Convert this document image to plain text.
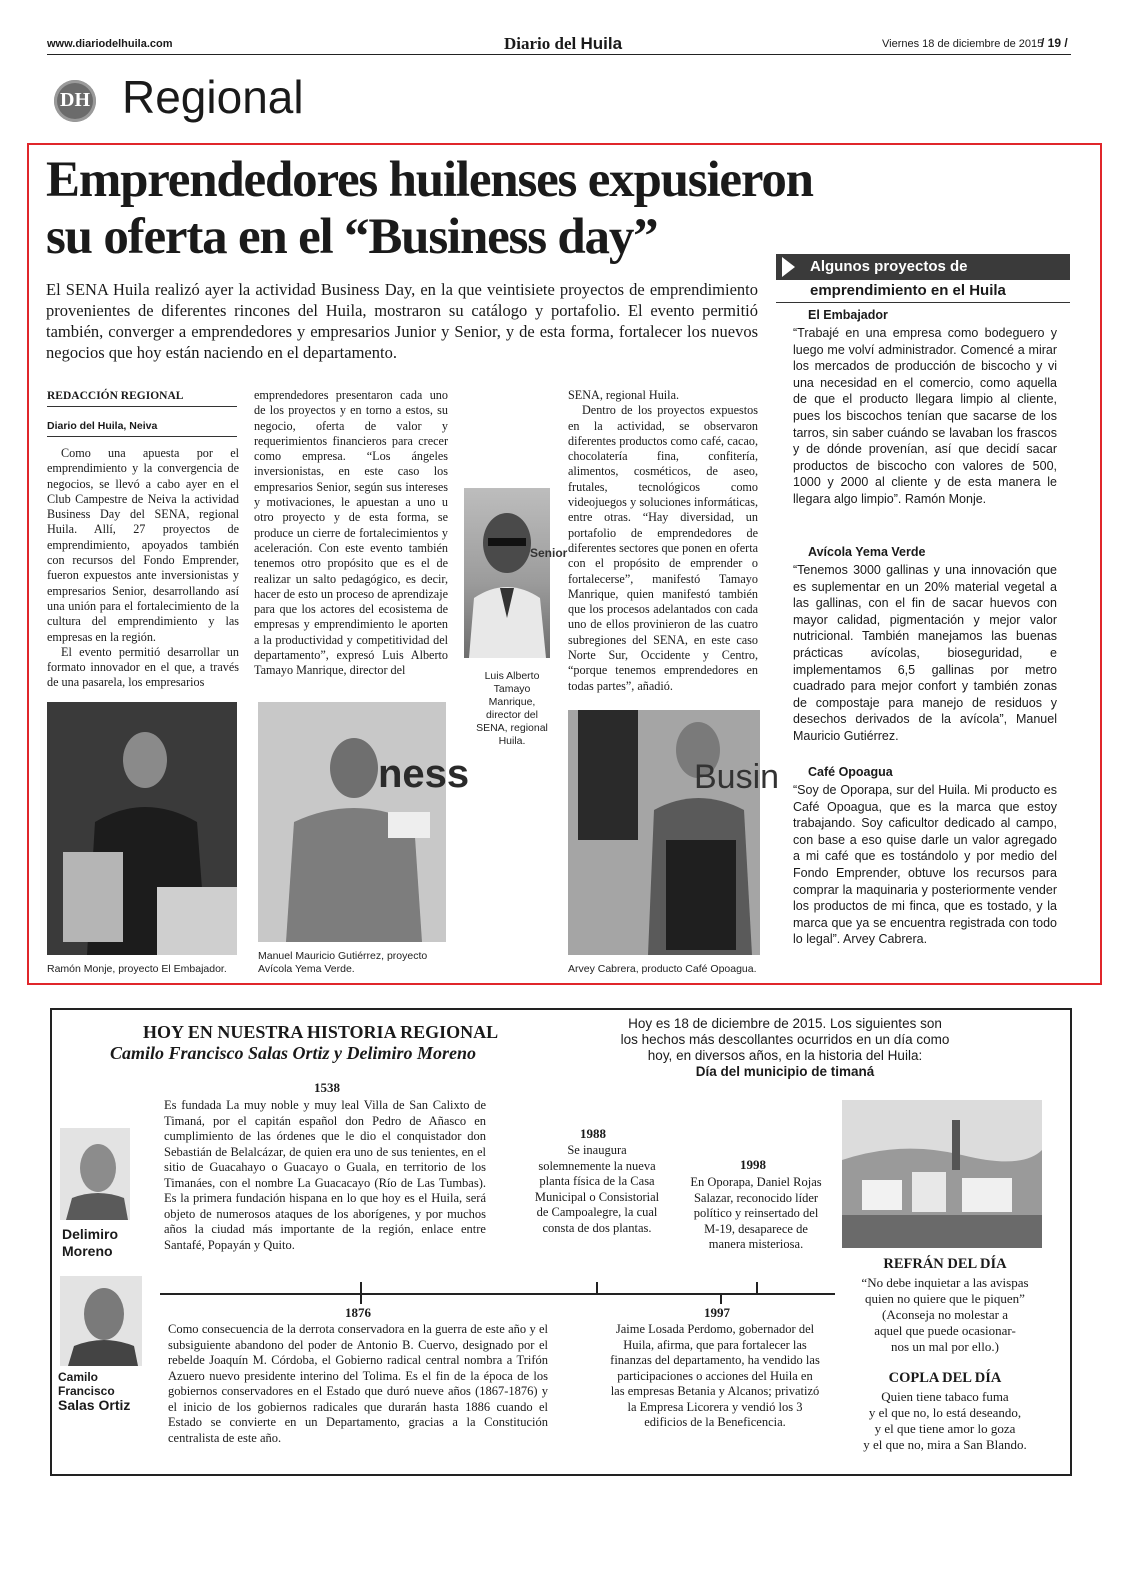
www.diariodelhuila.com	Diario del Huila	Viernes 18 de diciembre de 2015
/ 19 /
DH Regional
Emprendedores huilenses expusieron
su oferta en el “Business day”

El SENA Huila realizó ayer la actividad Business Day, en la que veintisiete proyectos de emprendimiento provenientes de diferentes rincones del Huila, mostraron su catálogo y portafolio. El evento permitió también, converger a emprendedores y empresarios Junior y Senior, y de esta forma, fortalecer los nuevos negocios que hoy están naciendo en el departamento.

REDACCIÓN REGIONAL
Diario del Huila, Neiva

Como una apuesta por el emprendimiento y la convergencia de negocios, se llevó a cabo ayer en el Club Campestre de Neiva la actividad Business Day del SENA, regional Huila. Allí, 27 proyectos de emprendimiento, apoyados también con recursos del Fondo Emprender, fueron expuestos ante inversionistas y empresarios Senior, desarrollando así una unión para el fortalecimiento de la cultura del emprendimiento y las empresas en la región.

El evento permitió desarrollar un formato innovador en el que, a través de una pasarela, los empresarios

emprendedores presentaron cada uno de los proyectos y en torno a estos, su negocio, oferta de valor y requerimientos financieros para crecer como empresa. “Los ángeles inversionistas, en este caso los empresarios Senior, según sus intereses y motivaciones, le apuestan a uno u otro proyecto y de esta forma, se produce un cierre de fortalecimientos y aceleración. Con este evento también tenemos otro propósito que es el de realizar un salto pedagógico, es decir, hacer de esto un proceso de aprendizaje para que los actores del ecosistema de empresas y emprendimiento le aporten a la productividad y competitividad del departamento”, expresó Luis Alberto Tamayo Manrique, director del

Senior
Luis Alberto Tamayo Manrique, director del SENA, regional Huila.

SENA, regional Huila.

Dentro de los proyectos expuestos en la actividad, se observaron diferentes productos como café, cacao, chocolatería fina, confitería, alimentos, cosméticos, de aseo, frutales, tecnológicos como videojuegos y soluciones informáticas, entre otras. “Hay diversidad, un portafolio de emprendedores de diferentes sectores que ponen en oferta con el propósito de emprender o fortalecerse”, manifestó Tamayo Manrique, quien manifestó también que los procesos adelantados con cada uno de ellos provinieron de las cuatro subregiones del SENA, en este caso Norte Sur, Occidente y Centro, “porque tenemos emprendedores en todas partes”, añadió.

Ramón Monje, proyecto El Embajador.
ness
Manuel Mauricio Gutiérrez, proyecto Avícola Yema Verde.
Busin
Arvey Cabrera, producto Café Opoagua.
Algunos proyectos de
emprendimiento en el Huila
El Embajador

“Trabajé en una empresa como bodeguero y luego me volví administrador. Comencé a mirar los mercados de producción de biscocho y vi una necesidad en el comercio, como aquella de que el producto llegara limpio al cliente, pues los biscochos tenían que sacarse de los tarros, sin saber cuándo se lavaban los frascos y de dónde provenían, así que decidí sacar productos de biscocho con valores de 500, 1000 y 2000 al cliente y de esta manera le llegara algo limpio”. Ramón Monje.

Avícola Yema Verde

“Tenemos 3000 gallinas y una innovación que es suplementar en un 20% material vegetal a las gallinas, con el fin de sacar huevos con mayor calidad, pigmentación y mejor valor nutricional. También manejamos las buenas prácticas avícolas, bioseguridad, e implementamos 6,5 gallinas por metro cuadrado para mejor confort y también zonas de compostaje para manejo de residuos y desechos derivados de la avícola”, Manuel Mauricio Gutiérrez.

Café Opoagua

“Soy de Oporapa, sur del Huila. Mi producto es Café Opoagua, que es la marca que estoy trabajando. Soy caficultor dedicado al campo, con base a eso quise darle un valor agregado a mi café que es tostándolo y por medio del Fondo Emprender, obtuve los recursos para comprar la maquinaria y posteriormente vender los productos de mi finca, que es tostado, y la marca que ya se encuentra registrada con todo lo legal”. Arvey Cabrera.

HOY EN NUESTRA HISTORIA REGIONAL
Camilo Francisco Salas Ortiz y Delimiro Moreno
Hoy es 18 de diciembre de 2015. Los siguientes son
los hechos más descollantes ocurridos en un día como
hoy, en diversos años, en la historia del Huila:
Día del municipio de timaná
Delimiro
Moreno
Camilo
Francisco
Salas Ortiz
1538

Es fundada La muy noble y muy leal Villa de San Calixto de Timaná, por el capitán español don Pedro de Añasco en cumplimiento de las órdenes que le dio el conquistador don Sebastián de Belalcázar, de quien era uno de sus tenientes, en el sitio de Guacahayo o Guacayo o Guala, en territorio de los Timanáes, con el nombre La Guacacayo (Río de Las Tumbas). Es la primera fundación hispana en lo que hoy es el Huila, será objeto de numerosos ataques de los aborígenes, y por muchos años la ciudad más importante de la región, enlace entre Santafé, Popayán y Quito.

1988

Se inaugura solemnemente la nueva planta física de la Casa Municipal o Consistorial de Campoalegre, la cual consta de dos plantas.

1998

En Oporapa, Daniel Rojas Salazar, reconocido líder político y reinsertado del M-19, desaparece de manera misteriosa.

1876

Como consecuencia de la derrota conservadora en la guerra de este año y el subsiguiente abandono del poder de Antonio B. Cuervo, designado por el rebelde Joaquín M. Córdoba, el Gobierno radical central nombra a Trifón Azuero nuevo presidente interino del Tolima. Es el fin de la época de los gobiernos conservadores en el Estado que duró nueve años (1867-1876) y el inicio de los gobiernos radicales que durarán hasta 1886 cuando el Estado se convierte en un Departamento, gracias a la Constitución centralista de este año.

1997

Jaime Losada Perdomo, gobernador del Huila, afirma, que para fortalecer las finanzas del departamento, ha vendido las participaciones o acciones del Huila en las empresas Betania y Alcanos; privatizó la Empresa Licorera y vendió los 3 edificios de la Beneficencia.

REFRÁN DEL DÍA
“No debe inquietar a las avispas
quien no quiere que le piquen”
(Aconseja no molestar a
aquel que puede ocasionar-
nos un mal por ello.)
COPLA DEL DÍA
Quien tiene tabaco fuma
y el que no, lo está deseando,
y el que tiene amor lo goza
y el que no, mira a San Blando.
